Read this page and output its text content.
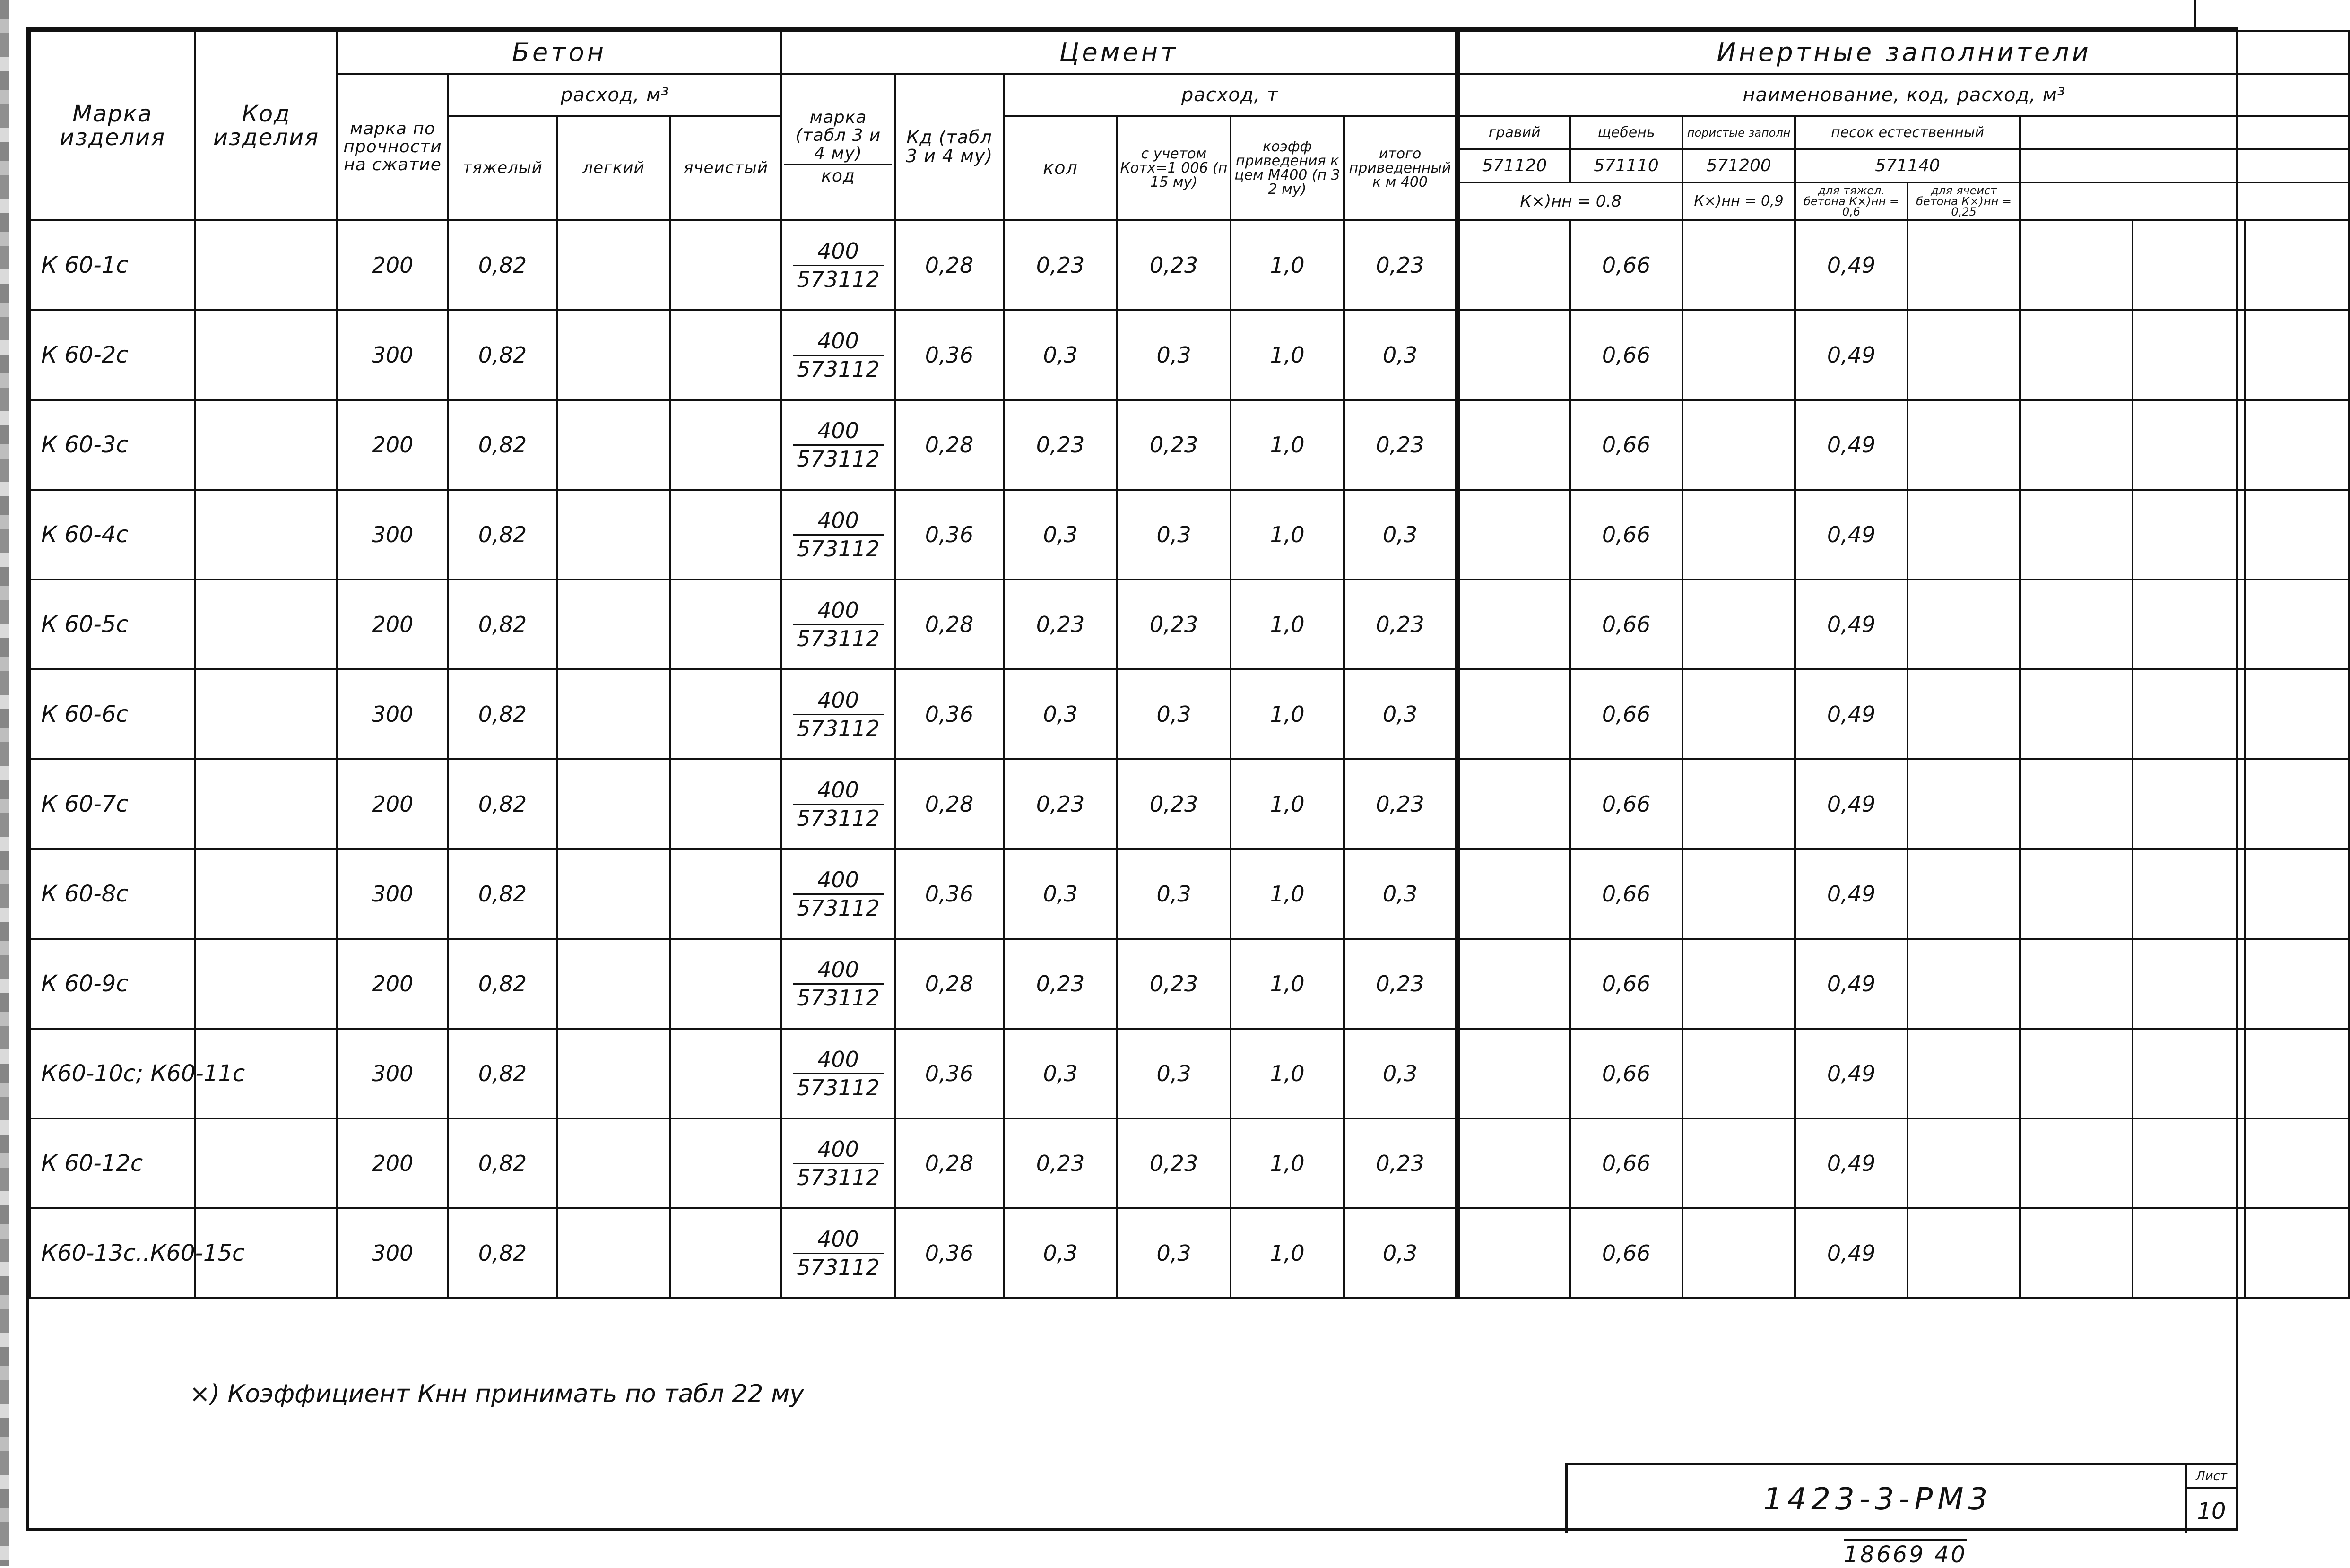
Марка
изделия	Код
изделия	Бетон				Цемент						Инертные заполнители							
		марка по прочности на сжатие	расход, м³			$\frac{\text{марка (табл 3 и 4 му)}}{\text{код}}$	Кд (табл 3 и 4 му)	расход, т				наименование, код, расход, м³							
			тяжелый	легкий	ячеистый			кол	с учетом Котх=1 006 (п 15 му)	коэфф приведения к цем М400 (п 3 2 му)	итого приведенный к м 400	гравий	щебень	пористые заполн	песок естественный				
												571120	571110	571200	571140				
												К×)нн = 0.8		К×)нн = 0,9	для тяжел. бетона К×)нн = 0,6	для ячеист бетона К×)нн = 0,25			
К 60-1с		200	0,82			$\frac{400}{573112}$	0,28	0,23	0,23	1,0	0,23		0,66		0,49				
К 60-2с		300	0,82			$\frac{400}{573112}$	0,36	0,3	0,3	1,0	0,3		0,66		0,49				
К 60-3с		200	0,82			$\frac{400}{573112}$	0,28	0,23	0,23	1,0	0,23		0,66		0,49				
К 60-4с		300	0,82			$\frac{400}{573112}$	0,36	0,3	0,3	1,0	0,3		0,66		0,49				
К 60-5с		200	0,82			$\frac{400}{573112}$	0,28	0,23	0,23	1,0	0,23		0,66		0,49				
К 60-6с		300	0,82			$\frac{400}{573112}$	0,36	0,3	0,3	1,0	0,3		0,66		0,49				
К 60-7с		200	0,82			$\frac{400}{573112}$	0,28	0,23	0,23	1,0	0,23		0,66		0,49				
К 60-8с		300	0,82			$\frac{400}{573112}$	0,36	0,3	0,3	1,0	0,3		0,66		0,49				
К 60-9с		200	0,82			$\frac{400}{573112}$	0,28	0,23	0,23	1,0	0,23		0,66		0,49				
К60-10с; К60-11с		300	0,82			$\frac{400}{573112}$	0,36	0,3	0,3	1,0	0,3		0,66		0,49				
К 60-12с		200	0,82			$\frac{400}{573112}$	0,28	0,23	0,23	1,0	0,23		0,66		0,49				
К60-13с..К60-15с		300	0,82			$\frac{400}{573112}$	0,36	0,3	0,3	1,0	0,3		0,66		0,49				
×) Коэффициент Кнн принимать по табл 22 му
1423-3-РМ3
Лист
10
18669 40
